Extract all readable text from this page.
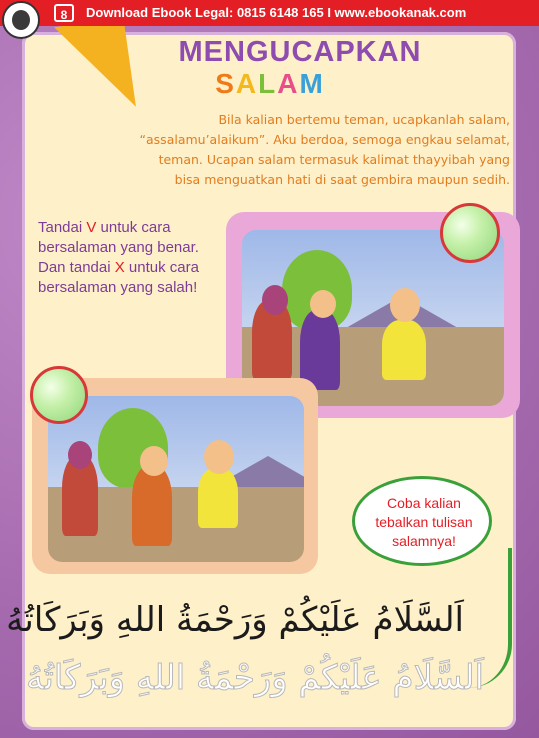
8	Download Ebook Legal: 0815 6148 165 I www.ebookanak.com
MENGUCAPKAN
SALAM
Bila kalian bertemu teman, ucapkanlah salam,
“assalamu’alaikum”. Aku berdoa, semoga engkau selamat,
teman. Ucapan salam termasuk kalimat thayyibah yang
bisa menguatkan hati di saat gembira maupun sedih.
Tandai V untuk cara bersalaman yang benar. Dan tandai X untuk cara bersalaman yang salah!
Coba kalian tebalkan tulisan salamnya!
اَلسَّلَامُ عَلَيْكُمْ وَرَحْمَةُ اللهِ وَبَرَكَاتُهُ
اَلسَّلَامُ عَلَيْكُمْ وَرَحْمَةُ اللهِ وَبَرَكَاتُهُ
